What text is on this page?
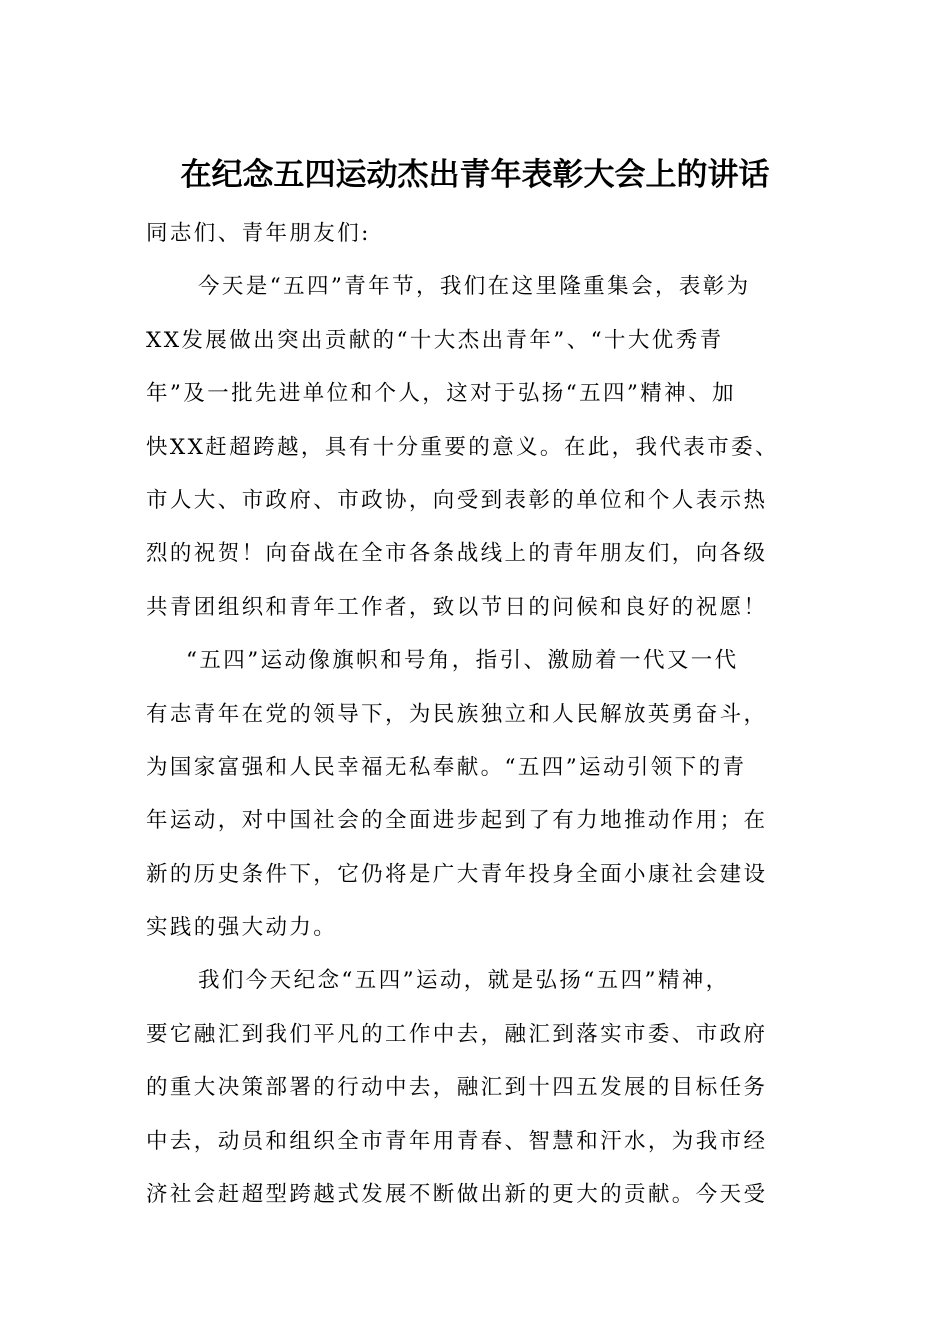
在纪念五四运动杰出青年表彰大会上的讲话
同志们、青年朋友们:
今天是“五四”青年节，我们在这里隆重集会，表彰为
XX发展做出突出贡献的“十大杰出青年”、“十大优秀青
年”及一批先进单位和个人，这对于弘扬“五四”精神、加
快XX赶超跨越，具有十分重要的意义。在此，我代表市委、
市人大、市政府、市政协，向受到表彰的单位和个人表示热
烈的祝贺！向奋战在全市各条战线上的青年朋友们，向各级
共青团组织和青年工作者，致以节日的问候和良好的祝愿！
“五四”运动像旗帜和号角，指引、激励着一代又一代
有志青年在党的领导下，为民族独立和人民解放英勇奋斗，
为国家富强和人民幸福无私奉献。“五四”运动引领下的青
年运动，对中国社会的全面进步起到了有力地推动作用；在
新的历史条件下，它仍将是广大青年投身全面小康社会建设
实践的强大动力。
我们今天纪念“五四”运动，就是弘扬“五四”精神，
要它融汇到我们平凡的工作中去，融汇到落实市委、市政府
的重大决策部署的行动中去，融汇到十四五发展的目标任务
中去，动员和组织全市青年用青春、智慧和汗水，为我市经
济社会赶超型跨越式发展不断做出新的更大的贡献。今天受
